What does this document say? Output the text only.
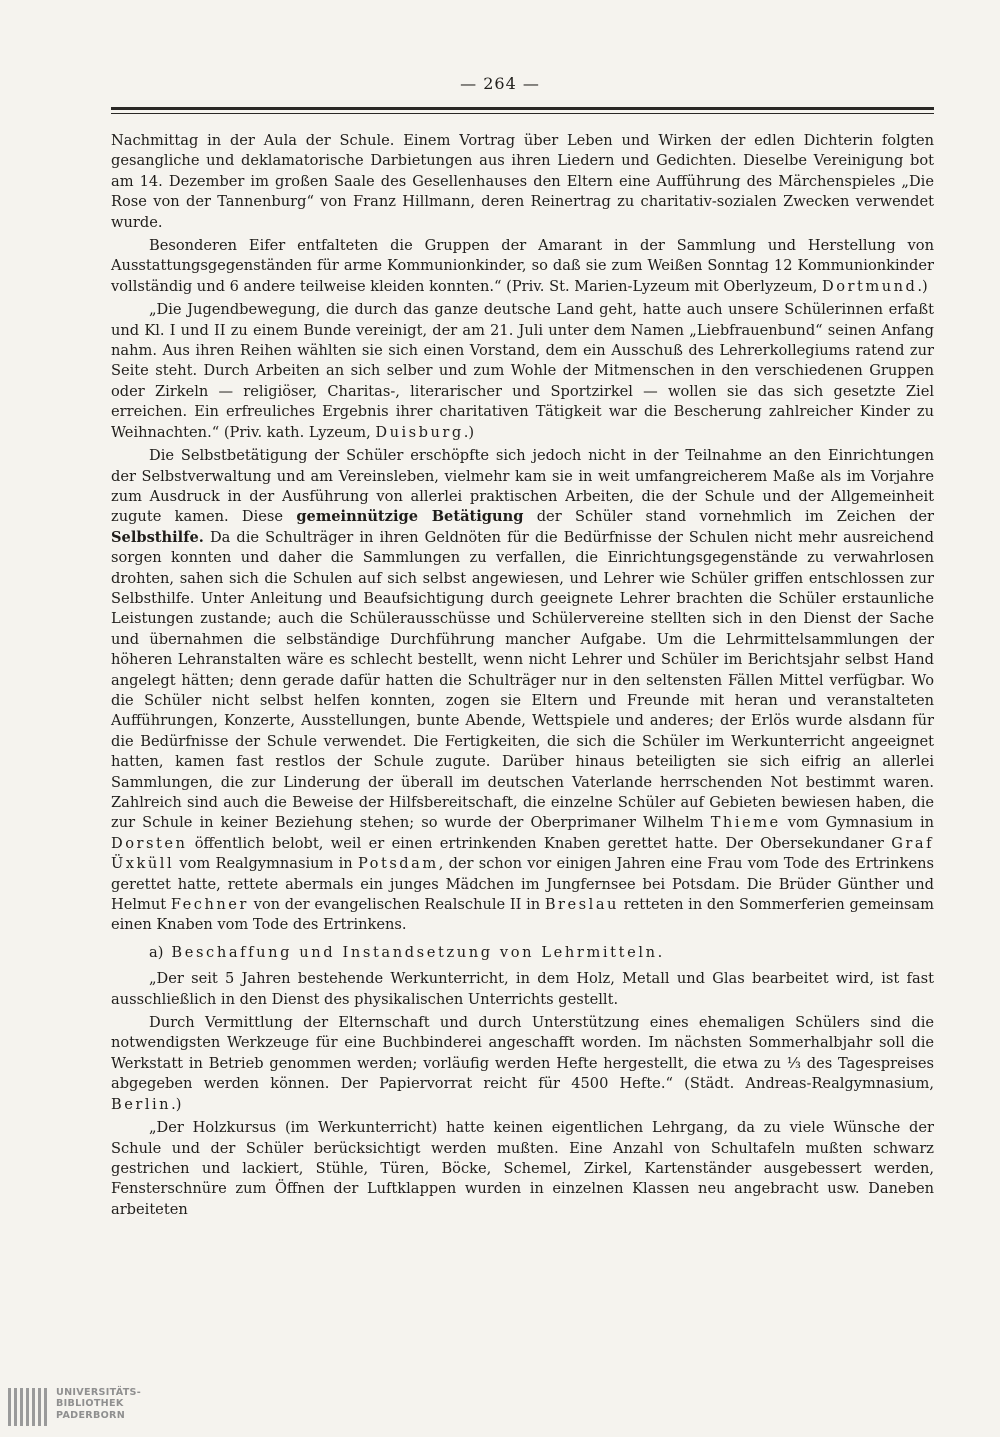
— 264 —

Nachmittag in der Aula der Schule. Einem Vortrag über Leben und Wirken der edlen Dichterin folgten gesangliche und deklamatorische Darbietungen aus ihren Liedern und Gedichten. Dieselbe Vereinigung bot am 14. Dezember im großen Saale des Gesellenhauses den Eltern eine Aufführung des Märchenspieles „Die Rose von der Tannenburg“ von Franz Hillmann, deren Reinertrag zu charitativ-sozialen Zwecken verwendet wurde.

Besonderen Eifer entfalteten die Gruppen der Amarant in der Sammlung und Herstellung von Ausstattungsgegenständen für arme Kommunionkinder, so daß sie zum Weißen Sonntag 12 Kommunionkinder vollständig und 6 andere teilweise kleiden konnten.“ (Priv. St. Marien-Lyzeum mit Oberlyzeum, Dortmund.)

„Die Jugendbewegung, die durch das ganze deutsche Land geht, hatte auch unsere Schülerinnen erfaßt und Kl. I und II zu einem Bunde vereinigt, der am 21. Juli unter dem Namen „Liebfrauenbund“ seinen Anfang nahm. Aus ihren Reihen wählten sie sich einen Vorstand, dem ein Ausschuß des Lehrerkollegiums ratend zur Seite steht. Durch Arbeiten an sich selber und zum Wohle der Mitmenschen in den verschiedenen Gruppen oder Zirkeln — religiöser, Charitas-, literarischer und Sportzirkel — wollen sie das sich gesetzte Ziel erreichen. Ein erfreuliches Ergebnis ihrer charitativen Tätigkeit war die Bescherung zahlreicher Kinder zu Weihnachten.“ (Priv. kath. Lyzeum, Duisburg.)

Die Selbstbetätigung der Schüler erschöpfte sich jedoch nicht in der Teilnahme an den Einrichtungen der Selbstverwaltung und am Vereinsleben, vielmehr kam sie in weit umfangreicherem Maße als im Vorjahre zum Ausdruck in der Ausführung von allerlei praktischen Arbeiten, die der Schule und der Allgemeinheit zugute kamen. Diese gemeinnützige Betätigung der Schüler stand vornehmlich im Zeichen der Selbsthilfe. Da die Schulträger in ihren Geldnöten für die Bedürfnisse der Schulen nicht mehr ausreichend sorgen konnten und daher die Sammlungen zu verfallen, die Einrichtungsgegenstände zu verwahrlosen drohten, sahen sich die Schulen auf sich selbst angewiesen, und Lehrer wie Schüler griffen entschlossen zur Selbsthilfe. Unter Anleitung und Beaufsichtigung durch geeignete Lehrer brachten die Schüler erstaunliche Leistungen zustande; auch die Schülerausschüsse und Schülervereine stellten sich in den Dienst der Sache und übernahmen die selbständige Durchführung mancher Aufgabe. Um die Lehrmittelsammlungen der höheren Lehranstalten wäre es schlecht bestellt, wenn nicht Lehrer und Schüler im Berichtsjahr selbst Hand angelegt hätten; denn gerade dafür hatten die Schulträger nur in den seltensten Fällen Mittel verfügbar. Wo die Schüler nicht selbst helfen konnten, zogen sie Eltern und Freunde mit heran und veranstalteten Aufführungen, Konzerte, Ausstellungen, bunte Abende, Wettspiele und anderes; der Erlös wurde alsdann für die Bedürfnisse der Schule verwendet. Die Fertigkeiten, die sich die Schüler im Werkunterricht angeeignet hatten, kamen fast restlos der Schule zugute. Darüber hinaus beteiligten sie sich eifrig an allerlei Sammlungen, die zur Linderung der überall im deutschen Vaterlande herrschenden Not bestimmt waren. Zahlreich sind auch die Beweise der Hilfsbereitschaft, die einzelne Schüler auf Gebieten bewiesen haben, die zur Schule in keiner Beziehung stehen; so wurde der Oberprimaner Wilhelm Thieme vom Gymnasium in Dorsten öffentlich belobt, weil er einen ertrinkenden Knaben gerettet hatte. Der Obersekundaner Graf Üxküll vom Realgymnasium in Potsdam, der schon vor einigen Jahren eine Frau vom Tode des Ertrinkens gerettet hatte, rettete abermals ein junges Mädchen im Jungfernsee bei Potsdam. Die Brüder Günther und Helmut Fechner von der evangelischen Realschule II in Breslau retteten in den Sommerferien gemeinsam einen Knaben vom Tode des Ertrinkens.

a) Beschaffung und Instandsetzung von Lehrmitteln.

„Der seit 5 Jahren bestehende Werkunterricht, in dem Holz, Metall und Glas bearbeitet wird, ist fast ausschließlich in den Dienst des physikalischen Unterrichts gestellt.

Durch Vermittlung der Elternschaft und durch Unterstützung eines ehemaligen Schülers sind die notwendigsten Werkzeuge für eine Buchbinderei angeschafft worden. Im nächsten Sommerhalbjahr soll die Werkstatt in Betrieb genommen werden; vorläufig werden Hefte hergestellt, die etwa zu ⅓ des Tagespreises abgegeben werden können. Der Papiervorrat reicht für 4500 Hefte.“ (Städt. Andreas-Realgymnasium, Berlin.)

„Der Holzkursus (im Werkunterricht) hatte keinen eigentlichen Lehrgang, da zu viele Wünsche der Schule und der Schüler berücksichtigt werden mußten. Eine Anzahl von Schultafeln mußten schwarz gestrichen und lackiert, Stühle, Türen, Böcke, Schemel, Zirkel, Kartenständer ausgebessert werden, Fensterschnüre zum Öffnen der Luftklappen wurden in einzelnen Klassen neu angebracht usw. Daneben arbeiteten

UNIVERSITÄTS-
BIBLIOTHEK
PADERBORN
